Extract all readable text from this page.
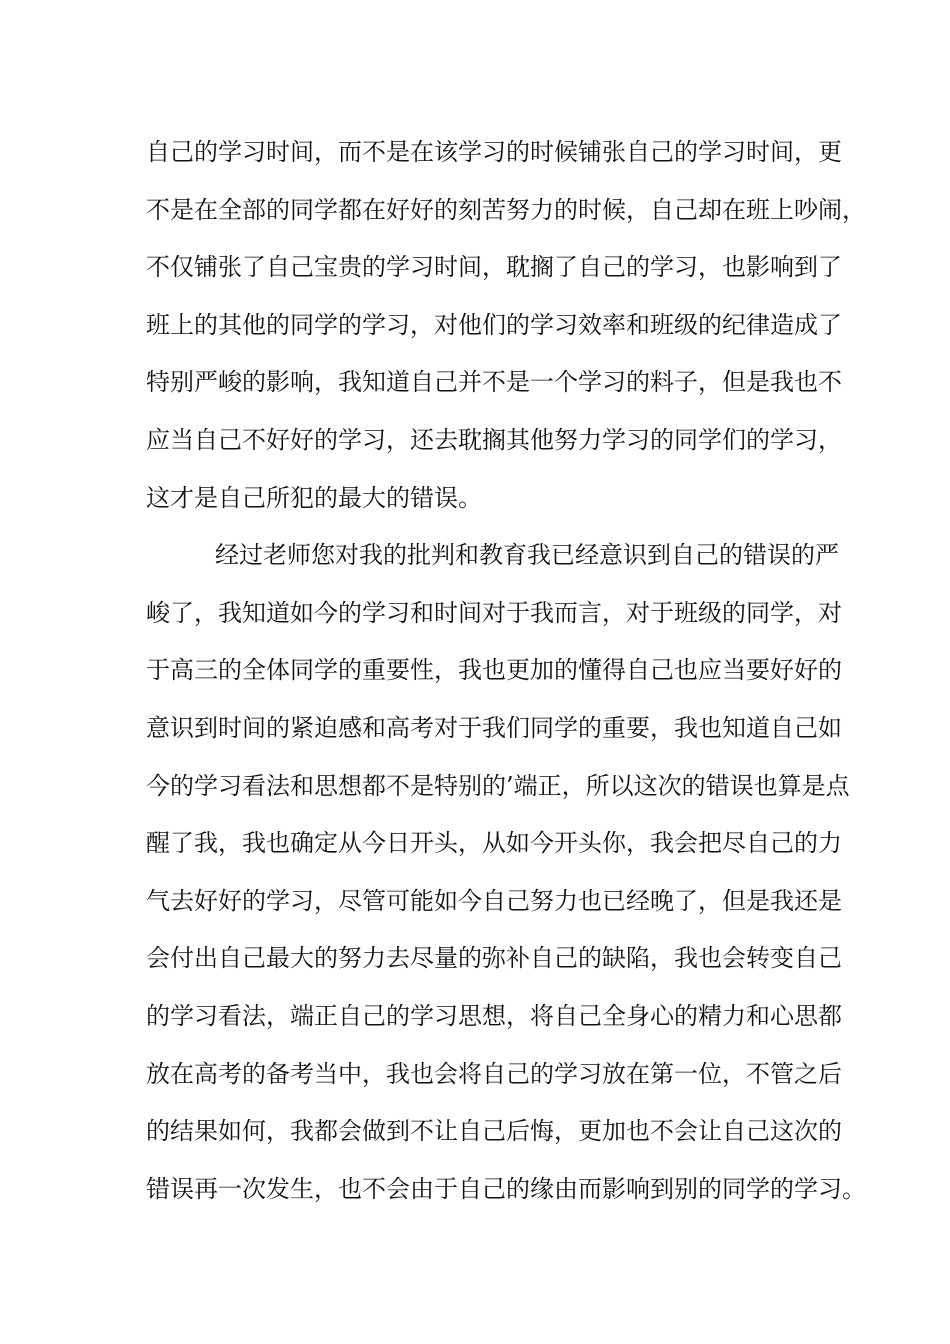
自己的学习时间，而不是在该学习的时候铺张自己的学习时间，更
不是在全部的同学都在好好的刻苦努力的时候，自己却在班上吵闹，
不仅铺张了自己宝贵的学习时间，耽搁了自己的学习，也影响到了
班上的其他的同学的学习，对他们的学习效率和班级的纪律造成了
特别严峻的影响，我知道自己并不是一个学习的料子，但是我也不
应当自己不好好的学习，还去耽搁其他努力学习的同学们的学习，
这才是自己所犯的最大的错误。
经过老师您对我的批判和教育我已经意识到自己的错误的严
峻了，我知道如今的学习和时间对于我而言，对于班级的同学，对
于高三的全体同学的重要性，我也更加的懂得自己也应当要好好的
意识到时间的紧迫感和高考对于我们同学的重要，我也知道自己如
今的学习看法和思想都不是特别的’端正，所以这次的错误也算是点
醒了我，我也确定从今日开头，从如今开头你，我会把尽自己的力
气去好好的学习，尽管可能如今自己努力也已经晚了，但是我还是
会付出自己最大的努力去尽量的弥补自己的缺陷，我也会转变自己
的学习看法，端正自己的学习思想，将自己全身心的精力和心思都
放在高考的备考当中，我也会将自己的学习放在第一位，不管之后
的结果如何，我都会做到不让自己后悔，更加也不会让自己这次的
错误再一次发生，也不会由于自己的缘由而影响到别的同学的学习。
